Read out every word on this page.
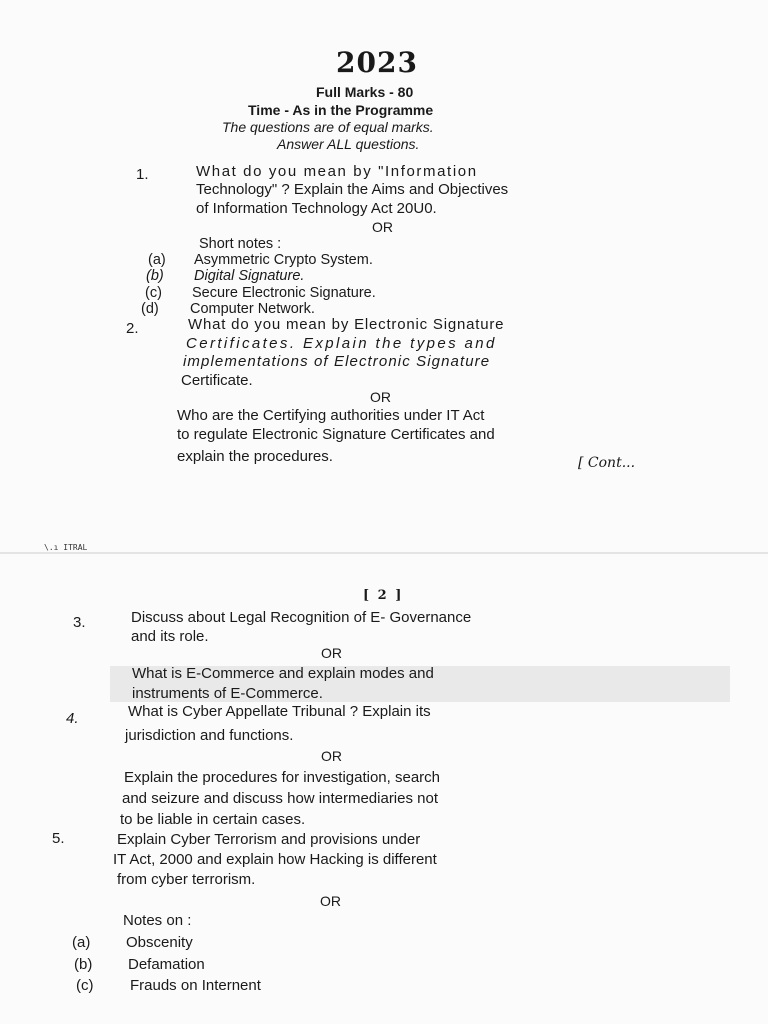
2023
Full Marks - 80
Time - As in the Programme
The questions are of equal marks.
Answer ALL questions.
1.	What do you mean by "Information
Technology" ? Explain the Aims and Objectives
of Information Technology Act 20U0.
OR
Short notes :
(a) Asymmetric Crypto System.
(b) Digital Signature.
(c) Secure Electronic Signature.
(d) Computer Network.
2.	What do you mean by Electronic Signature
Certificates. Explain the types and
implementations of Electronic Signature
Certificate.
OR
Who are the Certifying authorities under IT Act
to regulate Electronic Signature Certificates and
explain the procedures.	[ Cont...
\.ı ITRAL
[ 2 ]
3.	Discuss about Legal Recognition of E- Governance
and its role.
OR
What is E-Commerce and explain modes and
instruments of E-Commerce.
4.	What is Cyber Appellate Tribunal ? Explain its
jurisdiction and functions.
OR
Explain the procedures for investigation, search
and seizure and discuss how intermediaries not
to be liable in certain cases.
5.	Explain Cyber Terrorism and provisions under
IT Act, 2000 and explain how Hacking is different
from cyber terrorism.
OR
Notes on :
(a) Obscenity
(b) Defamation
(c) Frauds on Internent
